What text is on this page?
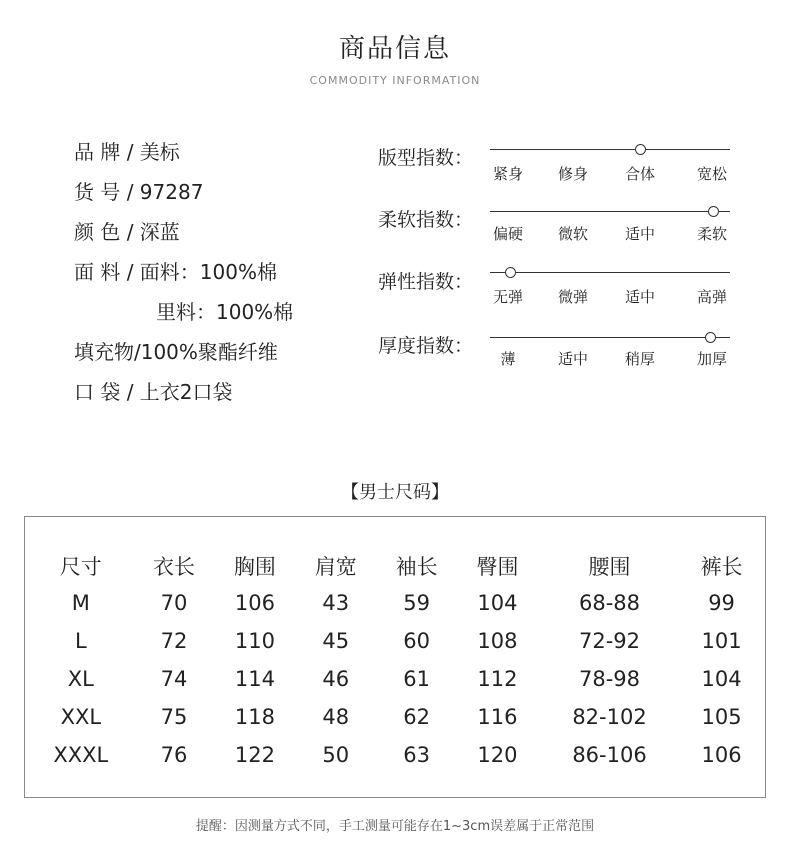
商品信息
COMMODITY INFORMATION
品 牌 / 美标
货 号 / 97287
颜 色 / 深蓝
面 料 / 面料：100%棉
里料：100%棉
填充物/100%聚酯纤维
口 袋 / 上衣2口袋
版型指数：
紧身 修身 合体	宽松
柔软指数：
偏硬 微软 适中	柔软
弹性指数：
无弹 微弹 适中	高弹
厚度指数：
薄	适中 稍厚	加厚
【男士尺码】
尺寸	衣长	胸围	肩宽	袖长	臀围	腰围	裤长
M	70	106	43	59	104	68-88	99
L	72	110	45	60	108	72-92	101
XL	74	114	46	61	112	78-98	104
XXL	75	118	48	62	116	82-102	105
XXXL	76	122	50	63	120	86-106	106
提醒：因测量方式不同，手工测量可能存在1~3cm误差属于正常范围
